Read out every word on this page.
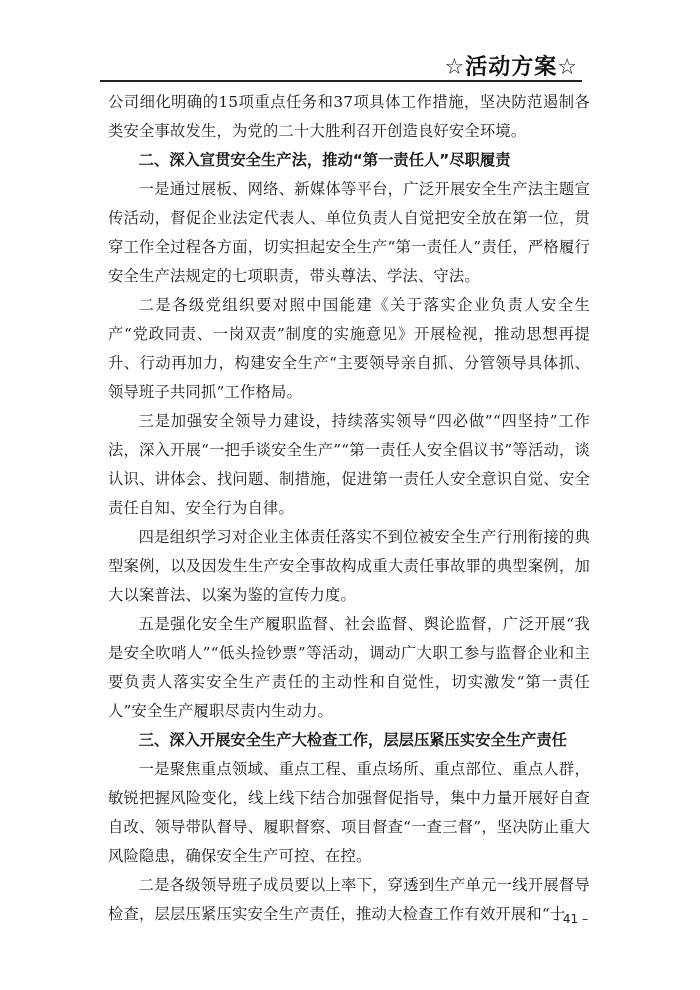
☆活动方案☆

公司细化明确的15项重点任务和37项具体工作措施，坚决防范遏制各类安全事故发生，为党的二十大胜利召开创造良好安全环境。

二、深入宣贯安全生产法，推动“第一责任人”尽职履责

一是通过展板、网络、新媒体等平台，广泛开展安全生产法主题宣传活动，督促企业法定代表人、单位负责人自觉把安全放在第一位，贯穿工作全过程各方面，切实担起安全生产“第一责任人”责任，严格履行安全生产法规定的七项职责，带头尊法、学法、守法。

二是各级党组织要对照中国能建《关于落实企业负责人安全生产“党政同责、一岗双责”制度的实施意见》开展检视，推动思想再提升、行动再加力，构建安全生产“主要领导亲自抓、分管领导具体抓、领导班子共同抓”工作格局。

三是加强安全领导力建设，持续落实领导“四必做”“四坚持”工作法，深入开展“一把手谈安全生产”“第一责任人安全倡议书”等活动，谈认识、讲体会、找问题、制措施，促进第一责任人安全意识自觉、安全责任自知、安全行为自律。

四是组织学习对企业主体责任落实不到位被安全生产行刑衔接的典型案例，以及因发生生产安全事故构成重大责任事故罪的典型案例，加大以案普法、以案为鉴的宣传力度。

五是强化安全生产履职监督、社会监督、舆论监督，广泛开展“我是安全吹哨人”“低头捡钞票”等活动，调动广大职工参与监督企业和主要负责人落实安全生产责任的主动性和自觉性，切实激发“第一责任人”安全生产履职尽责内生动力。

三、深入开展安全生产大检查工作，层层压紧压实安全生产责任

一是聚焦重点领域、重点工程、重点场所、重点部位、重点人群，敏锐把握风险变化，线上线下结合加强督促指导，集中力量开展好自查自改、领导带队督导、履职督察、项目督查“一查三督”，坚决防止重大风险隐患，确保安全生产可控、在控。

二是各级领导班子成员要以上率下，穿透到生产单元一线开展督导检查，层层压紧压实安全生产责任，推动大检查工作有效开展和“十

– 41 –
